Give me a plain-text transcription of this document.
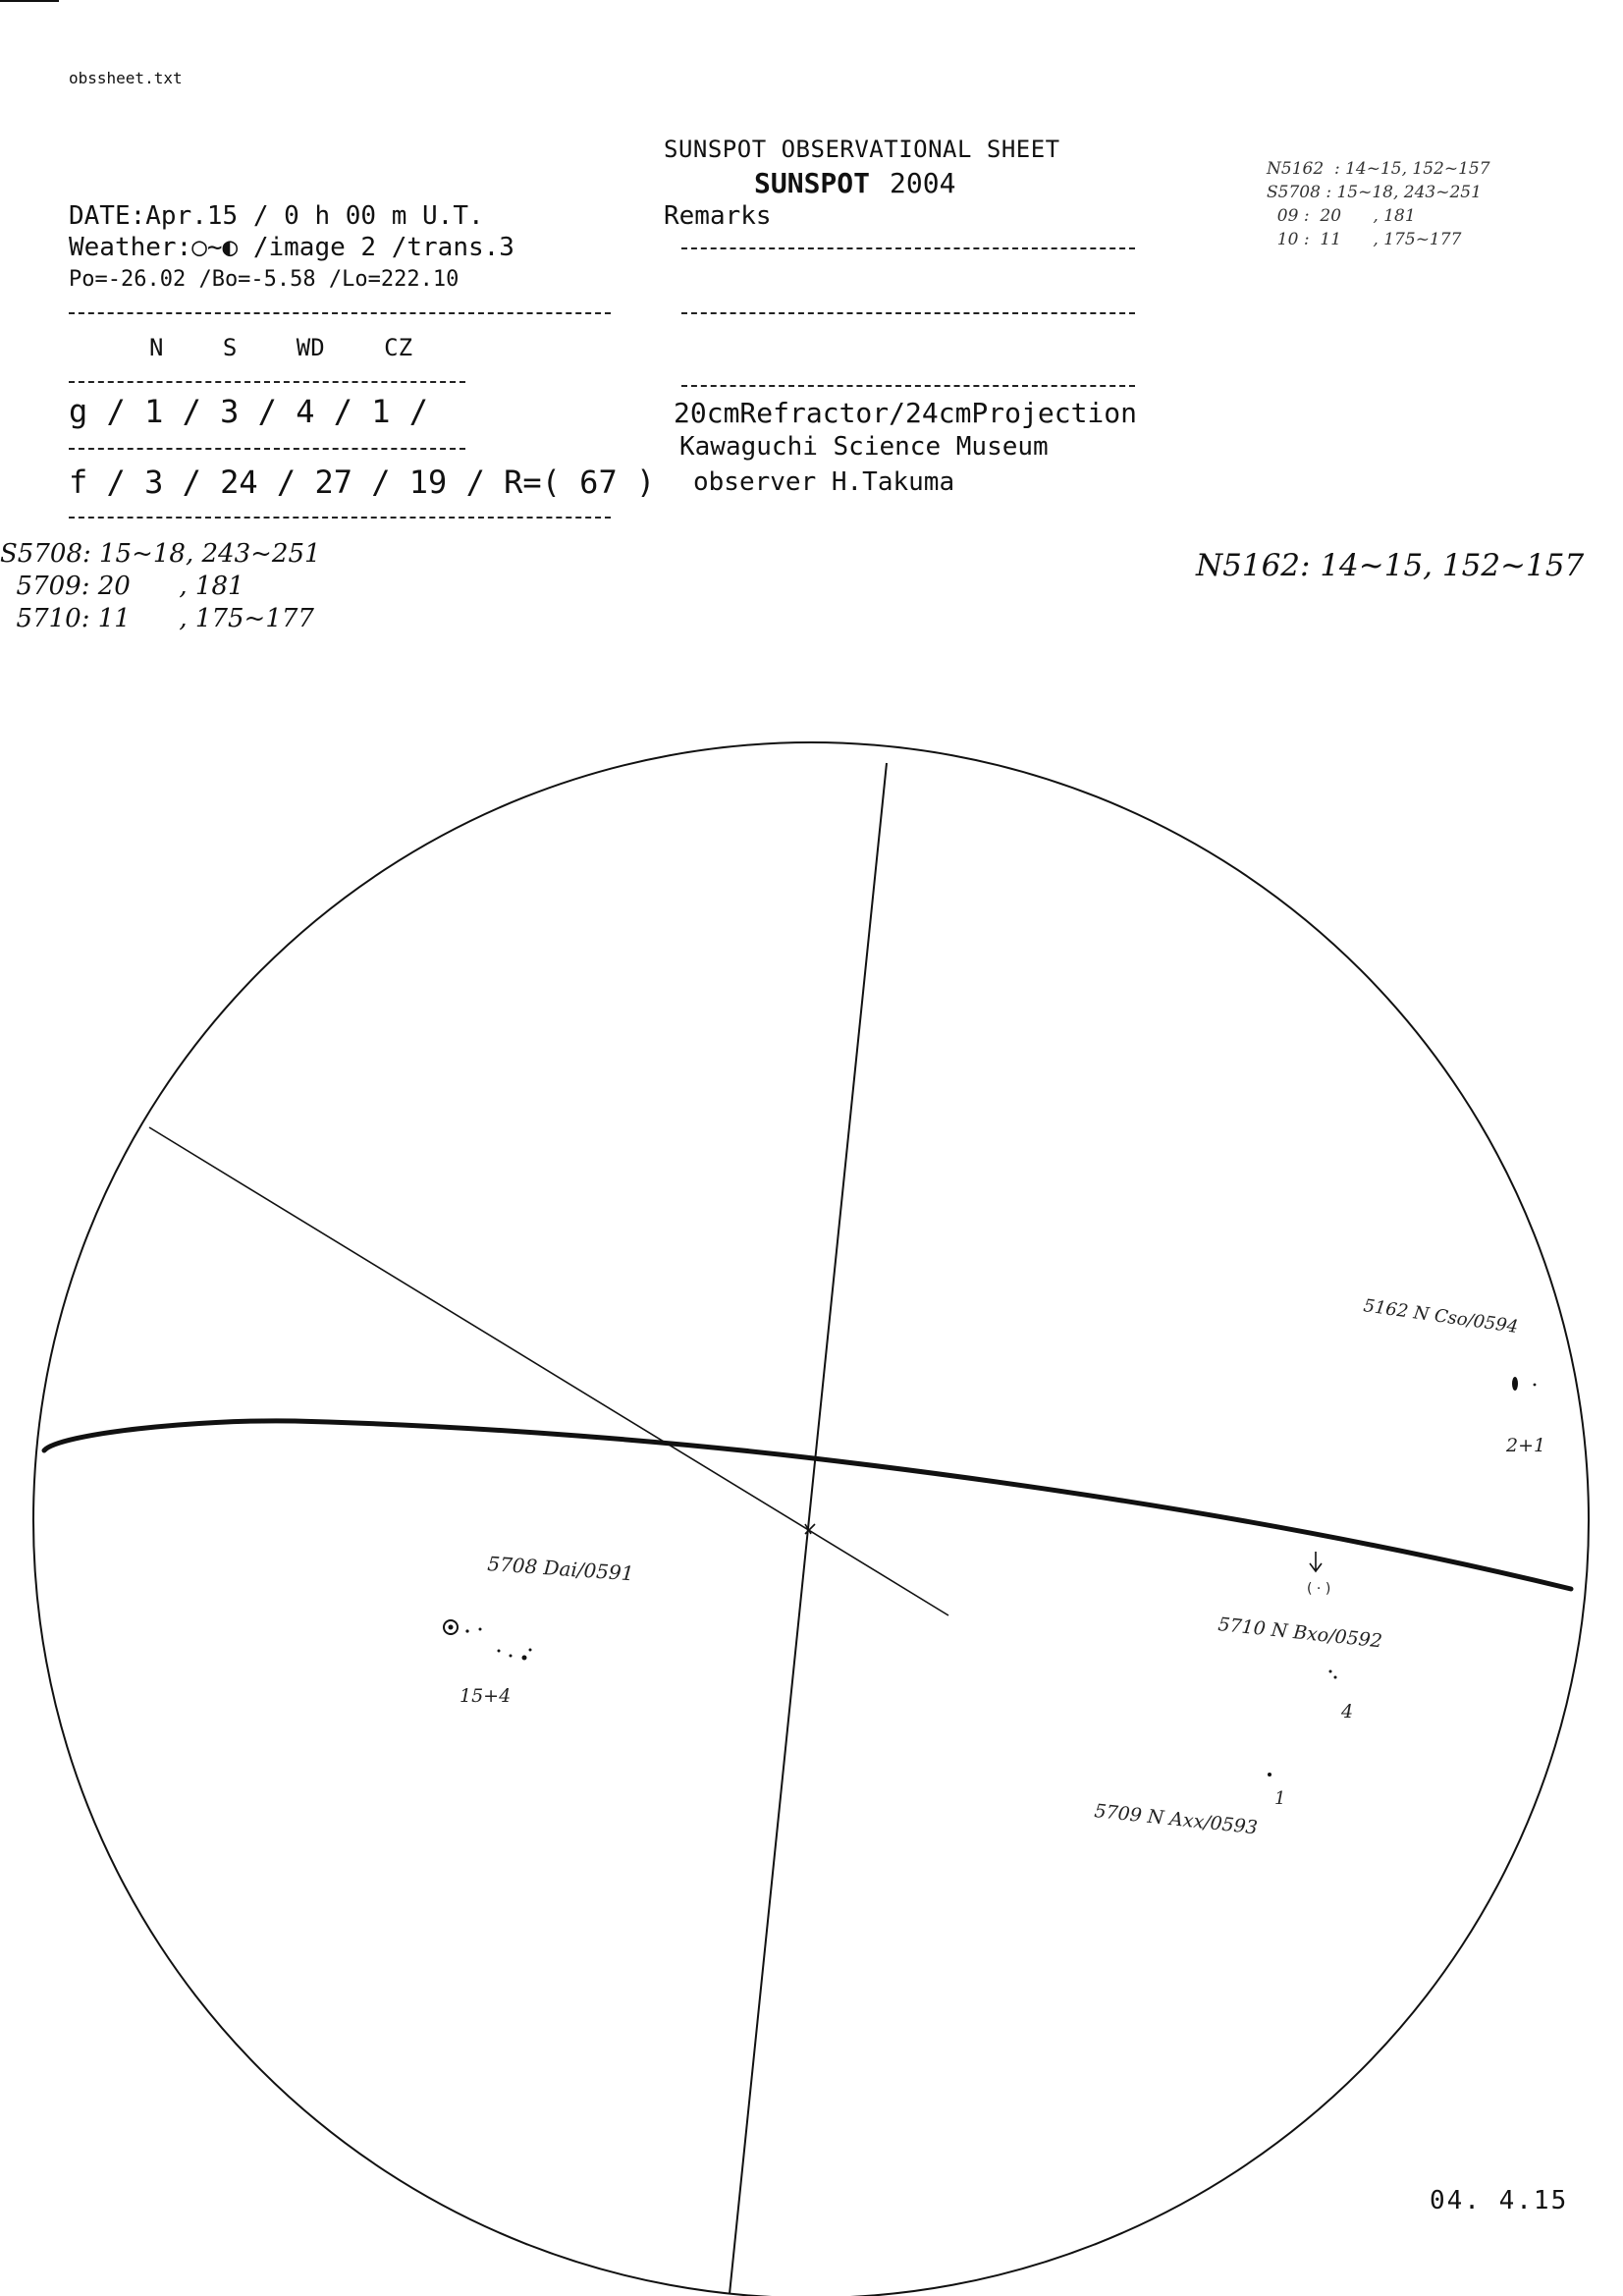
obssheet.txt
SUNSPOT OBSERVATIONAL SHEET
SUNSPOT 2004
DATE:Apr.15 / 0 h 00 m U.T.
Weather:○~◐ /image 2 /trans.3
Po=-26.02 /Bo=-5.58 /Lo=222.10
Remarks
N S WD CZ
g / 1 / 3 / 4 / 1 /
f / 3 / 24 / 27 / 19 / R=( 67 )
20cmRefractor/24cmProjection
Kawaguchi Science Museum
observer H.Takuma
S5708: 15~18, 243~251
5709: 20      , 181
5710: 11      , 175~177
N5162  : 14~15, 152~157
S5708 : 15~18, 243~251
09 :  20      , 181
10 :  11      , 175~177
N5162: 14~15, 152~157
5162 N Cso/0594
2+1
5708 Dai/0591
15+4
( · )
5710 N Bxo/0592
4
1
5709 N Axx/0593
04. 4.15
